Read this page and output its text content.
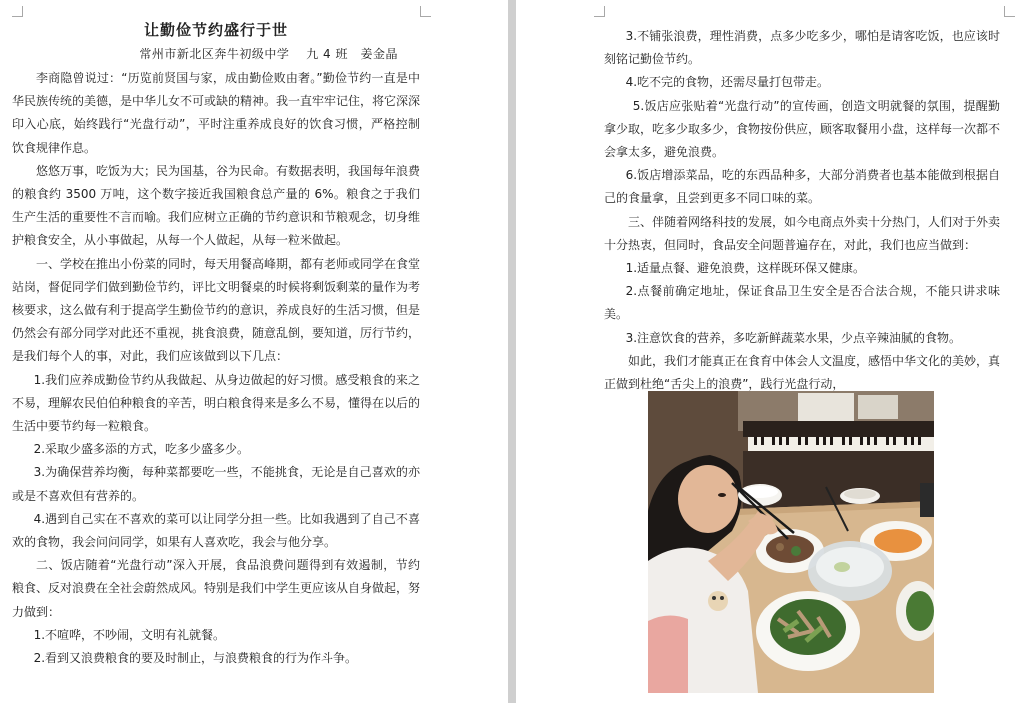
让勤俭节约盛行于世

常州市新北区奔牛初级中学　 九 4 班　姜金晶

李商隐曾说过：“历览前贤国与家，成由勤俭败由奢。”勤俭节约一直是中华民族传统的美德，是中华儿女不可或缺的精神。我一直牢牢记住，将它深深印入心底，始终践行“光盘行动”，平时注重养成良好的饮食习惯，严格控制饮食规律作息。

悠悠万事，吃饭为大；民为国基，谷为民命。有数据表明，我国每年浪费的粮食约 3500 万吨，这个数字接近我国粮食总产量的 6%。粮食之于我们生产生活的重要性不言而喻。我们应树立正确的节约意识和节粮观念，切身维护粮食安全，从小事做起，从每一个人做起，从每一粒米做起。

一、学校在推出小份菜的同时，每天用餐高峰期，都有老师或同学在食堂站岗，督促同学们做到勤俭节约，评比文明餐桌的时候将剩饭剩菜的量作为考核要求，这么做有利于提高学生勤俭节约的意识，养成良好的生活习惯，但是仍然会有部分同学对此还不重视，挑食浪费，随意乱倒，要知道，厉行节约，是我们每个人的事，对此，我们应该做到以下几点：

1.我们应养成勤俭节约从我做起、从身边做起的好习惯。感受粮食的来之不易，理解农民伯伯种粮食的辛苦，明白粮食得来是多么不易，懂得在以后的生活中要节约每一粒粮食。

2.采取少盛多添的方式，吃多少盛多少。

3.为确保营养均衡，每种菜都要吃一些，不能挑食，无论是自己喜欢的亦或是不喜欢但有营养的。

4.遇到自己实在不喜欢的菜可以让同学分担一些。比如我遇到了自己不喜欢的食物，我会问问同学，如果有人喜欢吃，我会与他分享。

二、饭店随着“光盘行动”深入开展，食品浪费问题得到有效遏制，节约粮食、反对浪费在全社会蔚然成风。特别是我们中学生更应该从自身做起，努力做到：

1.不喧哗，不吵闹，文明有礼就餐。

2.看到又浪费粮食的要及时制止，与浪费粮食的行为作斗争。

3.不铺张浪费，理性消费，点多少吃多少，哪怕是请客吃饭，也应该时刻铭记勤俭节约。

4.吃不完的食物，还需尽量打包带走。

5.饭店应张贴着“光盘行动”的宣传画，创造文明就餐的氛围，提醒勤拿少取，吃多少取多少，食物按份供应，顾客取餐用小盘，这样每一次都不会拿太多，避免浪费。

6.饭店增添菜品，吃的东西品种多，大部分消费者也基本能做到根据自己的食量拿，且尝到更多不同口味的菜。

三、伴随着网络科技的发展，如今电商点外卖十分热门，人们对于外卖十分热衷，但同时，食品安全问题普遍存在，对此，我们也应当做到：

1.适量点餐、避免浪费，这样既环保又健康。

2.点餐前确定地址，保证食品卫生安全是否合法合规，不能只讲求味美。

3.注意饮食的营养，多吃新鲜蔬菜水果，少点辛辣油腻的食物。

如此，我们才能真正在食育中体会人文温度，感悟中华文化的美妙，真正做到杜绝“舌尖上的浪费”，践行光盘行动，
